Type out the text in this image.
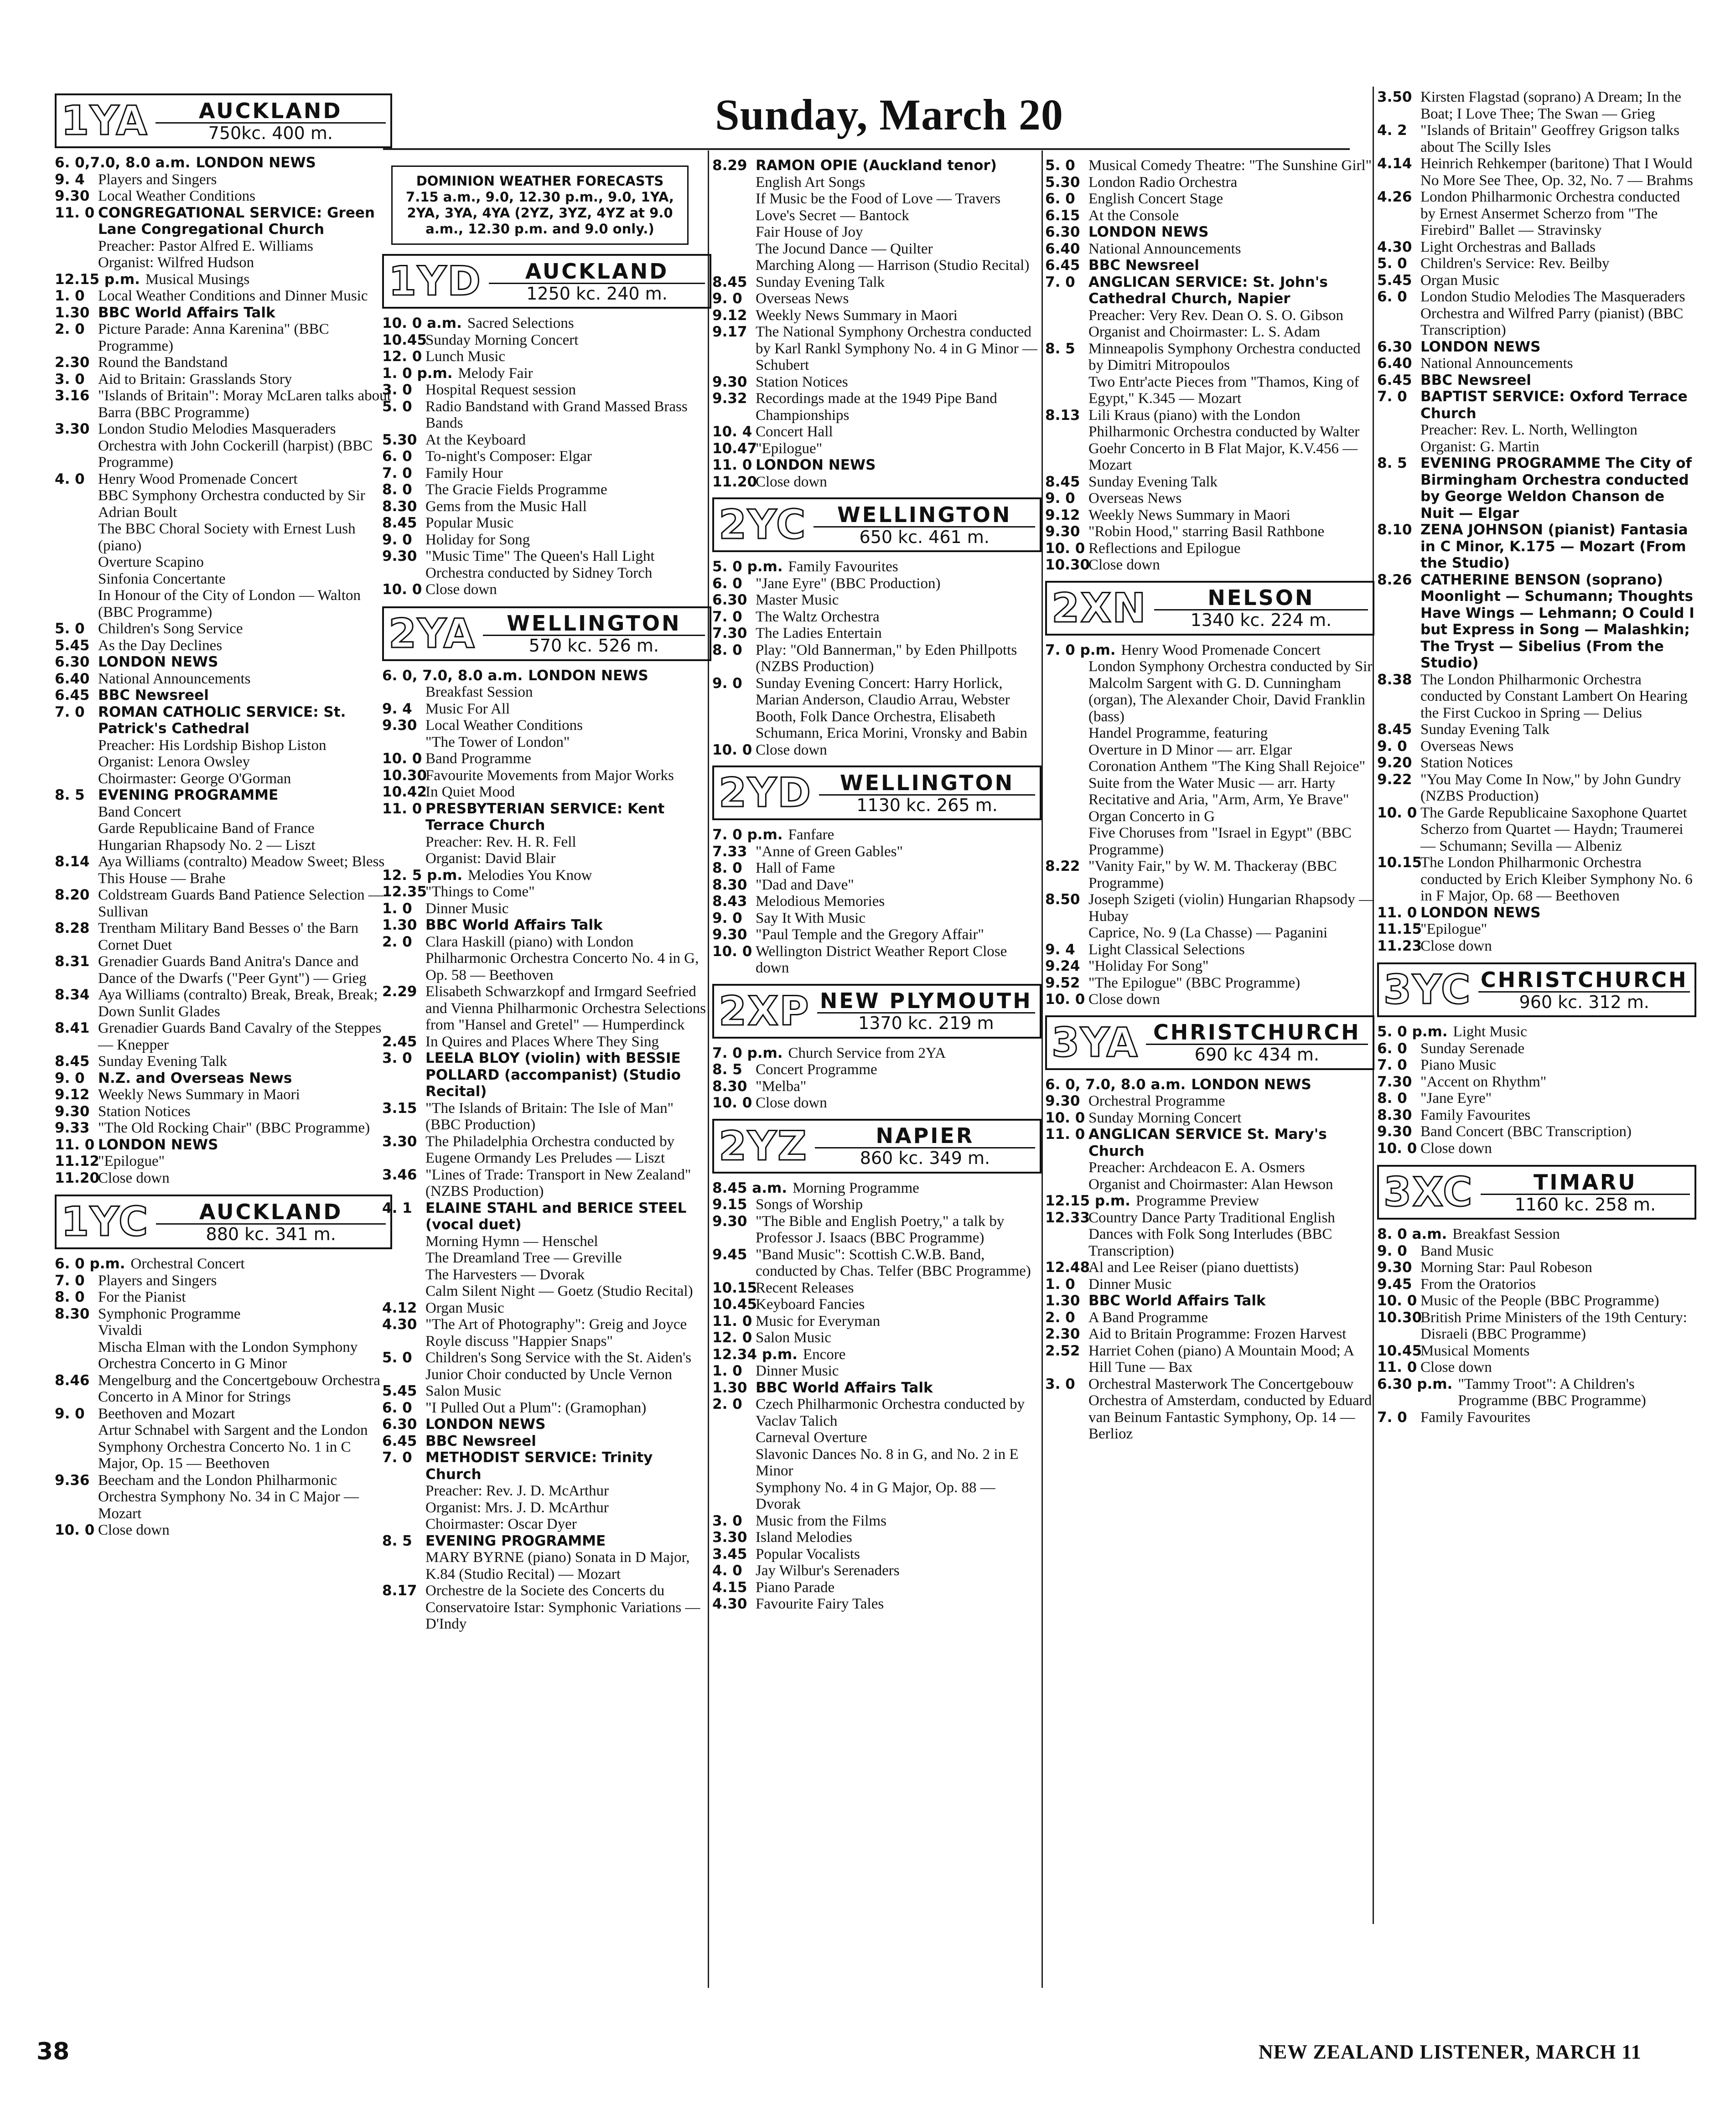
Sunday, March 20
1YA	AUCKLAND
750kc. 400 m.
6. 0,7.0, 8.0 a.m. LONDON NEWS
9. 4 Players and Singers
9.30 Local Weather Conditions
11. 0 CONGREGATIONAL SERVICE: Green Lane Congregational Church
Preacher: Pastor Alfred E. Williams
Organist: Wilfred Hudson
12.15 p.m. Musical Musings
1. 0 Local Weather Conditions and Dinner Music
1.30 BBC World Affairs Talk
2. 0 Picture Parade: Anna Karenina" (BBC Programme)
2.30 Round the Bandstand
3. 0 Aid to Britain: Grasslands Story
3.16 "Islands of Britain": Moray McLaren talks about Barra (BBC Programme)
3.30 London Studio Melodies Masqueraders Orchestra with John Cockerill (harpist) (BBC Programme)
4. 0 Henry Wood Promenade Concert
BBC Symphony Orchestra conducted by Sir Adrian Boult
The BBC Choral Society with Ernest Lush (piano)
Overture Scapino
Sinfonia Concertante
In Honour of the City of London — Walton (BBC Programme)
5. 0 Children's Song Service
5.45 As the Day Declines
6.30 LONDON NEWS
6.40 National Announcements
6.45 BBC Newsreel
7. 0 ROMAN CATHOLIC SERVICE: St. Patrick's Cathedral
Preacher: His Lordship Bishop Liston
Organist: Lenora Owsley
Choirmaster: George O'Gorman
8. 5 EVENING PROGRAMME
Band Concert
Garde Republicaine Band of France
Hungarian Rhapsody No. 2 — Liszt
8.14 Aya Williams (contralto) Meadow Sweet; Bless This House — Brahe
8.20 Coldstream Guards Band Patience Selection — Sullivan
8.28 Trentham Military Band Besses o' the Barn Cornet Duet
8.31 Grenadier Guards Band Anitra's Dance and Dance of the Dwarfs ("Peer Gynt") — Grieg
8.34 Aya Williams (contralto) Break, Break, Break; Down Sunlit Glades
8.41 Grenadier Guards Band Cavalry of the Steppes — Knepper
8.45 Sunday Evening Talk
9. 0 N.Z. and Overseas News
9.12 Weekly News Summary in Maori
9.30 Station Notices
9.33 "The Old Rocking Chair" (BBC Programme)
11. 0 LONDON NEWS
11.12
"Epilogue"
11.20
Close down
1YC	AUCKLAND
880 kc. 341 m.
6. 0 p.m. Orchestral Concert
7. 0 Players and Singers
8. 0 For the Pianist
8.30 Symphonic Programme
Vivaldi
Mischa Elman with the London Symphony Orchestra Concerto in G Minor
8.46 Mengelburg and the Concertgebouw Orchestra Concerto in A Minor for Strings
9. 0 Beethoven and Mozart
Artur Schnabel with Sargent and the London Symphony Orchestra Concerto No. 1 in C Major, Op. 15 — Beethoven
9.36 Beecham and the London Philharmonic Orchestra Symphony No. 34 in C Major — Mozart
10. 0 Close down
DOMINION WEATHER FORECASTS
7.15 a.m., 9.0, 12.30 p.m., 9.0, 1YA, 2YA, 3YA, 4YA (2YZ, 3YZ, 4YZ at 9.0 a.m., 12.30 p.m. and 9.0 only.)
1YD	AUCKLAND
1250 kc. 240 m.
10. 0 a.m. Sacred Selections
10.45
Sunday Morning Concert
12. 0 Lunch Music
1. 0 p.m. Melody Fair
3. 0 Hospital Request session
5. 0 Radio Bandstand with Grand Massed Brass Bands
5.30 At the Keyboard
6. 0 To-night's Composer: Elgar
7. 0 Family Hour
8. 0 The Gracie Fields Programme
8.30 Gems from the Music Hall
8.45 Popular Music
9. 0 Holiday for Song
9.30 "Music Time" The Queen's Hall Light Orchestra conducted by Sidney Torch
10. 0 Close down
2YA	WELLINGTON
570 kc. 526 m.
6. 0, 7.0, 8.0 a.m. LONDON NEWS
Breakfast Session
9. 4 Music For All
9.30 Local Weather Conditions
"The Tower of London"
10. 0 Band Programme
10.30
Favourite Movements from Major Works
10.42
In Quiet Mood
11. 0 PRESBYTERIAN SERVICE: Kent Terrace Church
Preacher: Rev. H. R. Fell
Organist: David Blair
12. 5 p.m. Melodies You Know
12.35
"Things to Come"
1. 0 Dinner Music
1.30 BBC World Affairs Talk
2. 0 Clara Haskill (piano) with London Philharmonic Orchestra Concerto No. 4 in G, Op. 58 — Beethoven
2.29 Elisabeth Schwarzkopf and Irmgard Seefried and Vienna Philharmonic Orchestra Selections from "Hansel and Gretel" — Humperdinck
2.45 In Quires and Places Where They Sing
3. 0 LEELA BLOY (violin) with BESSIE POLLARD (accompanist) (Studio Recital)
3.15 "The Islands of Britain: The Isle of Man" (BBC Production)
3.30 The Philadelphia Orchestra conducted by Eugene Ormandy Les Preludes — Liszt
3.46 "Lines of Trade: Transport in New Zealand" (NZBS Production)
4. 1 ELAINE STAHL and BERICE STEEL (vocal duet)
Morning Hymn — Henschel
The Dreamland Tree — Greville
The Harvesters — Dvorak
Calm Silent Night — Goetz (Studio Recital)
4.12 Organ Music
4.30 "The Art of Photography": Greig and Joyce Royle discuss "Happier Snaps"
5. 0 Children's Song Service with the St. Aiden's Junior Choir conducted by Uncle Vernon
5.45 Salon Music
6. 0 "I Pulled Out a Plum": (Gramophan)
6.30 LONDON NEWS
6.45 BBC Newsreel
7. 0 METHODIST SERVICE: Trinity Church
Preacher: Rev. J. D. McArthur
Organist: Mrs. J. D. McArthur
Choirmaster: Oscar Dyer
8. 5 EVENING PROGRAMME
MARY BYRNE (piano) Sonata in D Major, K.84 (Studio Recital) — Mozart
8.17 Orchestre de la Societe des Concerts du Conservatoire Istar: Symphonic Variations — D'Indy
8.29 RAMON OPIE (Auckland tenor)
English Art Songs
If Music be the Food of Love — Travers
Love's Secret — Bantock
Fair House of Joy
The Jocund Dance — Quilter
Marching Along — Harrison (Studio Recital)
8.45 Sunday Evening Talk
9. 0 Overseas News
9.12 Weekly News Summary in Maori
9.17 The National Symphony Orchestra conducted by Karl Rankl Symphony No. 4 in G Minor — Schubert
9.30 Station Notices
9.32 Recordings made at the 1949 Pipe Band Championships
10. 4 Concert Hall
10.47
"Epilogue"
11. 0 LONDON NEWS
11.20
Close down
2YC	WELLINGTON
650 kc. 461 m.
5. 0 p.m. Family Favourites
6. 0 "Jane Eyre" (BBC Production)
6.30 Master Music
7. 0 The Waltz Orchestra
7.30 The Ladies Entertain
8. 0 Play: "Old Bannerman," by Eden Phillpotts (NZBS Production)
9. 0 Sunday Evening Concert: Harry Horlick, Marian Anderson, Claudio Arrau, Webster Booth, Folk Dance Orchestra, Elisabeth Schumann, Erica Morini, Vronsky and Babin
10. 0 Close down
2YD	WELLINGTON
1130 kc. 265 m.
7. 0 p.m. Fanfare
7.33 "Anne of Green Gables"
8. 0 Hall of Fame
8.30 "Dad and Dave"
8.43 Melodious Memories
9. 0 Say It With Music
9.30 "Paul Temple and the Gregory Affair"
10. 0 Wellington District Weather Report Close down
2XP NEW PLYMOUTH
1370 kc. 219 m
7. 0 p.m. Church Service from 2YA
8. 5 Concert Programme
8.30 "Melba"
10. 0 Close down
2YZ	NAPIER
860 kc. 349 m.
8.45 a.m. Morning Programme
9.15 Songs of Worship
9.30 "The Bible and English Poetry," a talk by Professor J. Isaacs (BBC Programme)
9.45 "Band Music": Scottish C.W.B. Band, conducted by Chas. Telfer (BBC Programme)
10.15
Recent Releases
10.45
Keyboard Fancies
11. 0 Music for Everyman
12. 0 Salon Music
12.34 p.m. Encore
1. 0 Dinner Music
1.30 BBC World Affairs Talk
2. 0 Czech Philharmonic Orchestra conducted by Vaclav Talich
Carneval Overture
Slavonic Dances No. 8 in G, and No. 2 in E Minor
Symphony No. 4 in G Major, Op. 88 — Dvorak
3. 0 Music from the Films
3.30 Island Melodies
3.45 Popular Vocalists
4. 0 Jay Wilbur's Serenaders
4.15 Piano Parade
4.30 Favourite Fairy Tales
5. 0 Musical Comedy Theatre: "The Sunshine Girl"
5.30 London Radio Orchestra
6. 0 English Concert Stage
6.15 At the Console
6.30 LONDON NEWS
6.40 National Announcements
6.45 BBC Newsreel
7. 0 ANGLICAN SERVICE: St. John's Cathedral Church, Napier
Preacher: Very Rev. Dean O. S. O. Gibson
Organist and Choirmaster: L. S. Adam
8. 5 Minneapolis Symphony Orchestra conducted by Dimitri Mitropoulos
Two Entr'acte Pieces from "Thamos, King of Egypt," K.345 — Mozart
8.13 Lili Kraus (piano) with the London Philharmonic Orchestra conducted by Walter Goehr Concerto in B Flat Major, K.V.456 — Mozart
8.45 Sunday Evening Talk
9. 0 Overseas News
9.12 Weekly News Summary in Maori
9.30 "Robin Hood," starring Basil Rathbone
10. 0 Reflections and Epilogue
10.30
Close down
2XN	NELSON
1340 kc. 224 m.
7. 0 p.m. Henry Wood Promenade Concert
London Symphony Orchestra conducted by Sir Malcolm Sargent with G. D. Cunningham (organ), The Alexander Choir, David Franklin (bass)
Handel Programme, featuring
Overture in D Minor — arr. Elgar
Coronation Anthem "The King Shall Rejoice"
Suite from the Water Music — arr. Harty
Recitative and Aria, "Arm, Arm, Ye Brave"
Organ Concerto in G
Five Choruses from "Israel in Egypt" (BBC Programme)
8.22 "Vanity Fair," by W. M. Thackeray (BBC Programme)
8.50 Joseph Szigeti (violin) Hungarian Rhapsody — Hubay
Caprice, No. 9 (La Chasse) — Paganini
9. 4 Light Classical Selections
9.24 "Holiday For Song"
9.52 "The Epilogue" (BBC Programme)
10. 0 Close down
3YA CHRISTCHURCH
690 kc 434 m.
6. 0, 7.0, 8.0 a.m. LONDON NEWS
9.30 Orchestral Programme
10. 0 Sunday Morning Concert
11. 0 ANGLICAN SERVICE St. Mary's Church
Preacher: Archdeacon E. A. Osmers
Organist and Choirmaster: Alan Hewson
12.15 p.m. Programme Preview
12.33
Country Dance Party Traditional English Dances with Folk Song Interludes (BBC Transcription)
12.48
Al and Lee Reiser (piano duettists)
1. 0 Dinner Music
1.30 BBC World Affairs Talk
2. 0 A Band Programme
2.30 Aid to Britain Programme: Frozen Harvest
2.52 Harriet Cohen (piano) A Mountain Mood; A Hill Tune — Bax
3. 0 Orchestral Masterwork The Concertgebouw Orchestra of Amsterdam, conducted by Eduard van Beinum Fantastic Symphony, Op. 14 — Berlioz
3.50 Kirsten Flagstad (soprano) A Dream; In the Boat; I Love Thee; The Swan — Grieg
4. 2 "Islands of Britain" Geoffrey Grigson talks about The Scilly Isles
4.14 Heinrich Rehkemper (baritone) That I Would No More See Thee, Op. 32, No. 7 — Brahms
4.26 London Philharmonic Orchestra conducted by Ernest Ansermet Scherzo from "The Firebird" Ballet — Stravinsky
4.30 Light Orchestras and Ballads
5. 0 Children's Service: Rev. Beilby
5.45 Organ Music
6. 0 London Studio Melodies The Masqueraders Orchestra and Wilfred Parry (pianist) (BBC Transcription)
6.30 LONDON NEWS
6.40 National Announcements
6.45 BBC Newsreel
7. 0 BAPTIST SERVICE: Oxford Terrace Church
Preacher: Rev. L. North, Wellington
Organist: G. Martin
8. 5 EVENING PROGRAMME The City of Birmingham Orchestra conducted by George Weldon Chanson de Nuit — Elgar
8.10 ZENA JOHNSON (pianist) Fantasia in C Minor, K.175 — Mozart (From the Studio)
8.26 CATHERINE BENSON (soprano) Moonlight — Schumann; Thoughts Have Wings — Lehmann; O Could I but Express in Song — Malashkin; The Tryst — Sibelius (From the Studio)
8.38 The London Philharmonic Orchestra conducted by Constant Lambert On Hearing the First Cuckoo in Spring — Delius
8.45 Sunday Evening Talk
9. 0 Overseas News
9.20 Station Notices
9.22 "You May Come In Now," by John Gundry (NZBS Production)
10. 0 The Garde Republicaine Saxophone Quartet Scherzo from Quartet — Haydn; Traumerei — Schumann; Sevilla — Albeniz
10.15
The London Philharmonic Orchestra conducted by Erich Kleiber Symphony No. 6 in F Major, Op. 68 — Beethoven
11. 0 LONDON NEWS
11.15
"Epilogue"
11.23
Close down
3YC CHRISTCHURCH
960 kc. 312 m.
5. 0 p.m. Light Music
6. 0 Sunday Serenade
7. 0 Piano Music
7.30 "Accent on Rhythm"
8. 0 "Jane Eyre"
8.30 Family Favourites
9.30 Band Concert (BBC Transcription)
10. 0 Close down
3XC	TIMARU
1160 kc. 258 m.
8. 0 a.m. Breakfast Session
9. 0 Band Music
9.30 Morning Star: Paul Robeson
9.45 From the Oratorios
10. 0 Music of the People (BBC Programme)
10.30
British Prime Ministers of the 19th Century: Disraeli (BBC Programme)
10.45
Musical Moments
11. 0 Close down
6.30 p.m. "Tammy Troot": A Children's Programme (BBC Programme)
7. 0 Family Favourites
38	NEW ZEALAND LISTENER, MARCH 11
